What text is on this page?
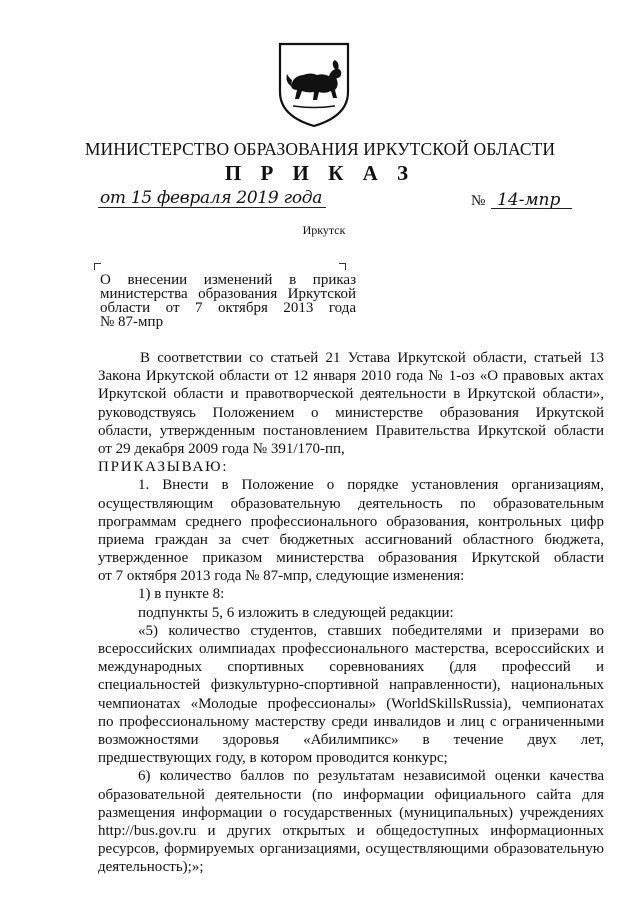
МИНИСТЕРСТВО ОБРАЗОВАНИЯ ИРКУТСКОЙ ОБЛАСТИ
П Р И К А З
от 15 февраля 2019 года	№ 14-мпр
Иркутск
О внесении изменений в приказ
министерства образования Иркутской
области от 7 октября 2013 года
№ 87-мпр
В соответствии со статьей 21 Устава Иркутской области, статьей 13
Закона Иркутской области от 12 января 2010 года № 1-оз «О правовых актах
Иркутской области и правотворческой деятельности в Иркутской области»,
руководствуясь Положением о министерстве образования Иркутской
области, утвержденным постановлением Правительства Иркутской области
от 29 декабря 2009 года № 391/170-пп,
ПРИКАЗЫВАЮ:
1. Внести в Положение о порядке установления организациям,
осуществляющим образовательную деятельность по образовательным
программам среднего профессионального образования, контрольных цифр
приема граждан за счет бюджетных ассигнований областного бюджета,
утвержденное приказом министерства образования Иркутской области
от 7 октября 2013 года № 87-мпр, следующие изменения:
1) в пункте 8:
подпункты 5, 6 изложить в следующей редакции:
«5) количество студентов, ставших победителями и призерами во
всероссийских олимпиадах профессионального мастерства, всероссийских и
международных спортивных соревнованиях (для профессий и
специальностей физкультурно-спортивной направленности), национальных
чемпионатах «Молодые профессионалы» (WorldSkillsRussia), чемпионатах
по профессиональному мастерству среди инвалидов и лиц с ограниченными
возможностями здоровья «Абилимпикс» в течение двух лет,
предшествующих году, в котором проводится конкурс;
6) количество баллов по результатам независимой оценки качества
образовательной деятельности (по информации официального сайта для
размещения информации о государственных (муниципальных) учреждениях
http://bus.gov.ru и других открытых и общедоступных информационных
ресурсов, формируемых организациями, осуществляющими образовательную
деятельность);»;
